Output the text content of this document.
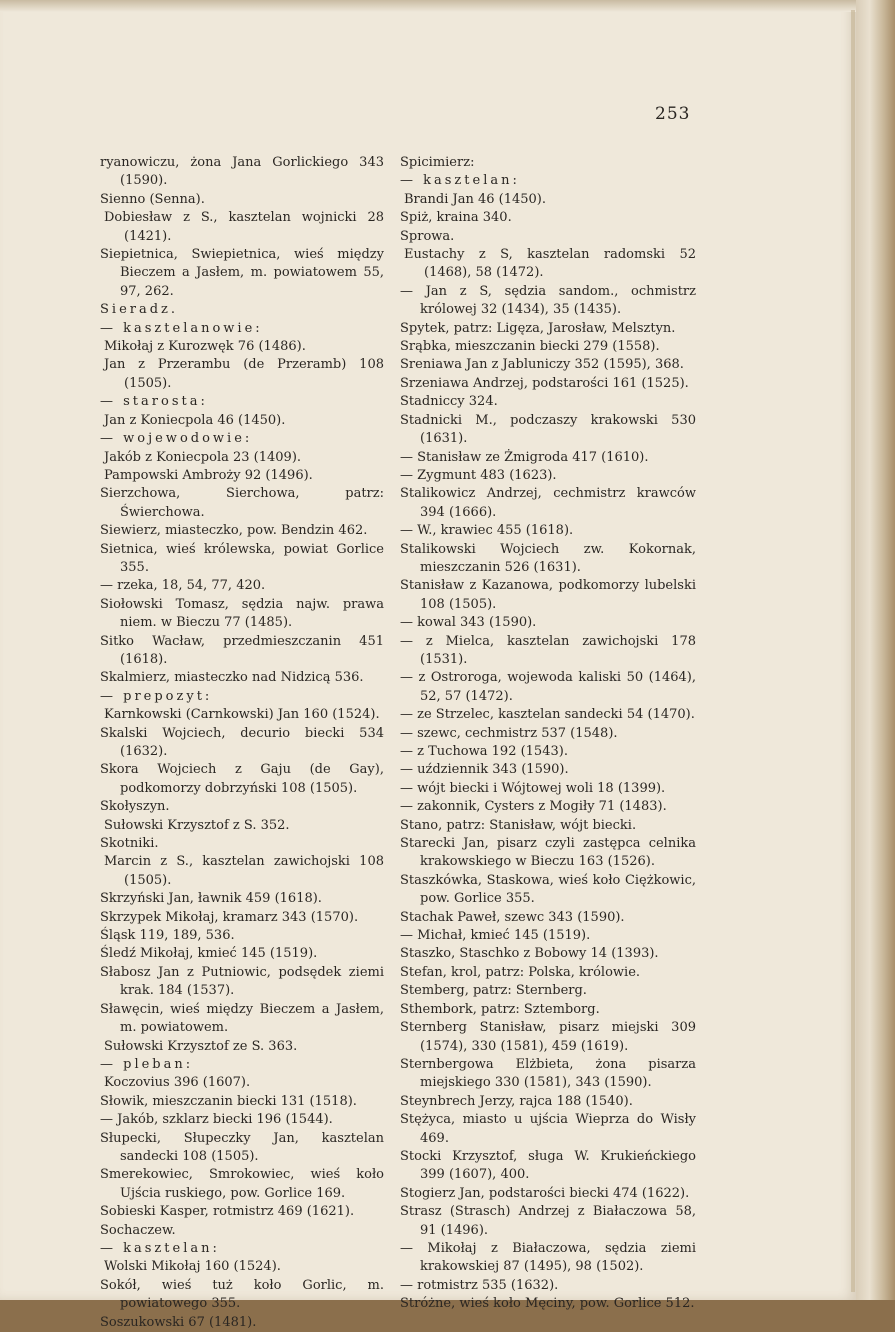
253

ryanowiczu, żona Jana Gorlickiego 343 (1590).

Sienno (Senna).

Dobiesław z S., kasztelan wojnicki 28 (1421).

Siepietnica, Swiepietnica, wieś między Bieczem a Jasłem, m. powiatowem 55, 97, 262.

Sieradz.

— kasztelanowie:

Mikołaj z Kurozwęk 76 (1486).

Jan z Przerambu (de Przeramb) 108 (1505).

— starosta:

Jan z Koniecpola 46 (1450).

— wojewodowie:

Jakób z Koniecpola 23 (1409).

Pampowski Ambroży 92 (1496).

Sierzchowa, Sierchowa, patrz: Świerchowa.

Siewierz, miasteczko, pow. Bendzin 462.

Sietnica, wieś królewska, powiat Gorlice 355.

— rzeka, 18, 54, 77, 420.

Siołowski Tomasz, sędzia najw. prawa niem. w Bieczu 77 (1485).

Sitko Wacław, przedmieszczanin 451 (1618).

Skalmierz, miasteczko nad Nidzicą 536.

— prepozyt:

Karnkowski (Carnkowski) Jan 160 (1524).

Skalski Wojciech, decurio biecki 534 (1632).

Skora Wojciech z Gaju (de Gay), podkomorzy dobrzyński 108 (1505).

Skołyszyn.

Sułowski Krzysztof z S. 352.

Skotniki.

Marcin z S., kasztelan zawichojski 108 (1505).

Skrzyński Jan, ławnik 459 (1618).

Skrzypek Mikołaj, kramarz 343 (1570).

Śląsk 119, 189, 536.

Śledź Mikołaj, kmieć 145 (1519).

Słabosz Jan z Putniowic, podsędek ziemi krak. 184 (1537).

Sławęcin, wieś między Bieczem a Jasłem, m. powiatowem.

Sułowski Krzysztof ze S. 363.

— pleban:

Koczovius 396 (1607).

Słowik, mieszczanin biecki 131 (1518).

— Jakób, szklarz biecki 196 (1544).

Słupecki, Słupeczky Jan, kasztelan sandecki 108 (1505).

Smerekowiec, Smrokowiec, wieś koło Ujścia ruskiego, pow. Gorlice 169.

Sobieski Kasper, rotmistrz 469 (1621).

Sochaczew.

— kasztelan:

Wolski Mikołaj 160 (1524).

Sokół, wieś tuż koło Gorlic, m. powiatowego 355.

Soszukowski 67 (1481).

Spicimierz:

— kasztelan:

Brandi Jan 46 (1450).

Spiż, kraina 340.

Sprowa.

Eustachy z S, kasztelan radomski 52 (1468), 58 (1472).

— Jan z S, sędzia sandom., ochmistrz królowej 32 (1434), 35 (1435).

Spytek, patrz: Ligęza, Jarosław, Melsztyn.

Srąbka, mieszczanin biecki 279 (1558).

Sreniawa Jan z Jabluniczy 352 (1595), 368.

Srzeniawa Andrzej, podstarości 161 (1525).

Stadniccy 324.

Stadnicki M., podczaszy krakowski 530 (1631).

— Stanisław ze Żmigroda 417 (1610).

— Zygmunt 483 (1623).

Stalikowicz Andrzej, cechmistrz krawców 394 (1666).

— W., krawiec 455 (1618).

Stalikowski Wojciech zw. Kokornak, mieszczanin 526 (1631).

Stanisław z Kazanowa, podkomorzy lubelski 108 (1505).

— kowal 343 (1590).

— z Mielca, kasztelan zawichojski 178 (1531).

— z Ostroroga, wojewoda kaliski 50 (1464), 52, 57 (1472).

— ze Strzelec, kasztelan sandecki 54 (1470).

— szewc, cechmistrz 537 (1548).

— z Tuchowa 192 (1543).

— uździennik 343 (1590).

— wójt biecki i Wójtowej woli 18 (1399).

— zakonnik, Cysters z Mogiły 71 (1483).

Stano, patrz: Stanisław, wójt biecki.

Starecki Jan, pisarz czyli zastępca celnika krakowskiego w Bieczu 163 (1526).

Staszkówka, Staskowa, wieś koło Ciężkowic, pow. Gorlice 355.

Stachak Paweł, szewc 343 (1590).

— Michał, kmieć 145 (1519).

Staszko, Staschko z Bobowy 14 (1393).

Stefan, krol, patrz: Polska, królowie.

Stemberg, patrz: Sternberg.

Sthembork, patrz: Sztemborg.

Sternberg Stanisław, pisarz miejski 309 (1574), 330 (1581), 459 (1619).

Sternbergowa Elżbieta, żona pisarza miejskiego 330 (1581), 343 (1590).

Steynbrech Jerzy, rajca 188 (1540).

Stężyca, miasto u ujścia Wieprza do Wisły 469.

Stocki Krzysztof, sługa W. Krukieńckiego 399 (1607), 400.

Stogierz Jan, podstarości biecki 474 (1622).

Strasz (Strasch) Andrzej z Białaczowa 58, 91 (1496).

— Mikołaj z Białaczowa, sędzia ziemi krakowskiej 87 (1495), 98 (1502).

— rotmistrz 535 (1632).

Stróżne, wieś koło Męciny, pow. Gorlice 512.
